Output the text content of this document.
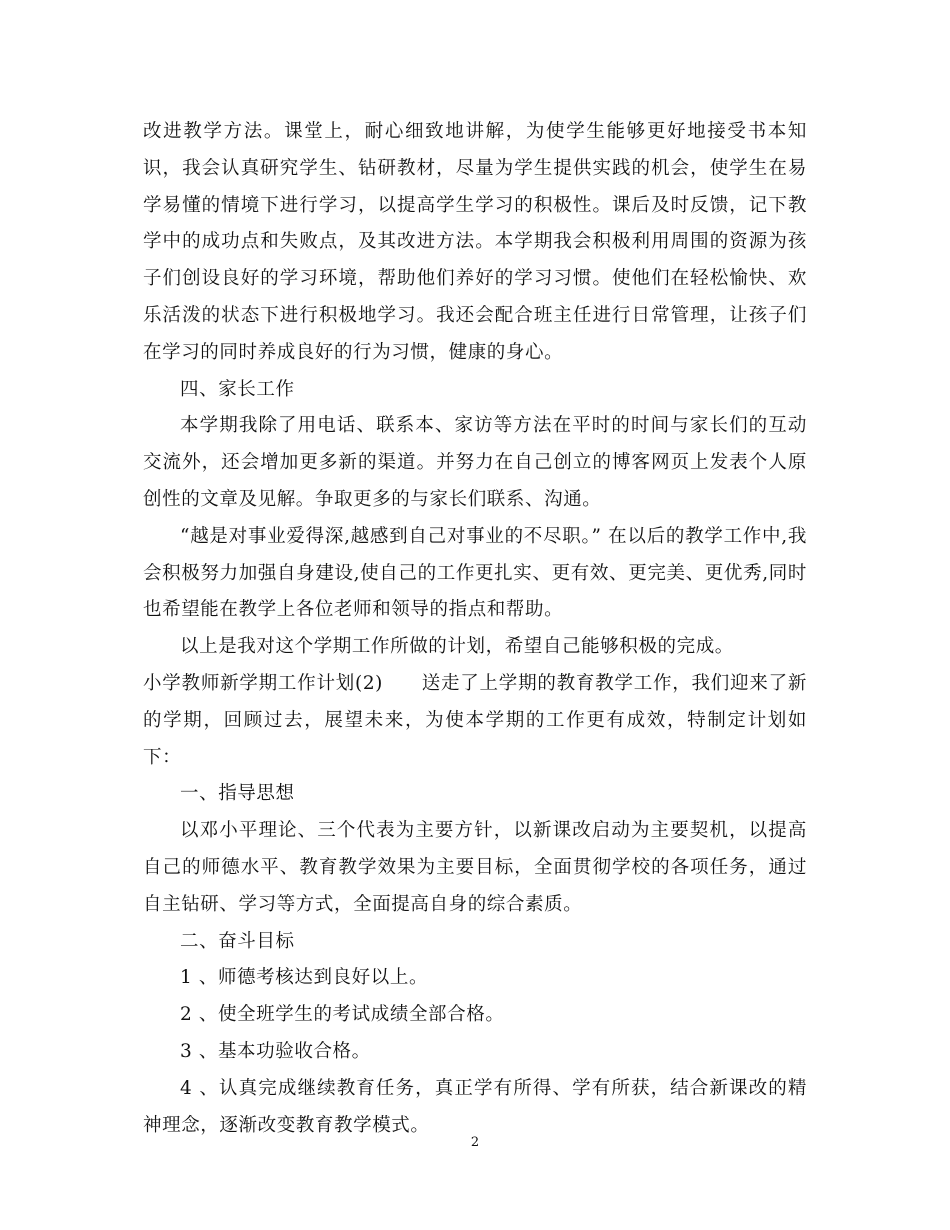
改进教学方法。课堂上，耐心细致地讲解，为使学生能够更好地接受书本知识，我会认真研究学生、钻研教材，尽量为学生提供实践的机会，使学生在易学易懂的情境下进行学习，以提高学生学习的积极性。课后及时反馈，记下教学中的成功点和失败点，及其改进方法。本学期我会积极利用周围的资源为孩子们创设良好的学习环境，帮助他们养好的学习习惯。使他们在轻松愉快、欢乐活泼的状态下进行积极地学习。我还会配合班主任进行日常管理，让孩子们在学习的同时养成良好的行为习惯，健康的身心。

四、家长工作

本学期我除了用电话、联系本、家访等方法在平时的时间与家长们的互动交流外，还会增加更多新的渠道。并努力在自己创立的博客网页上发表个人原创性的文章及见解。争取更多的与家长们联系、沟通。

“越是对事业爱得深,越感到自己对事业的不尽职。” 在以后的教学工作中,我会积极努力加强自身建设,使自己的工作更扎实、更有效、更完美、更优秀,同时也希望能在教学上各位老师和领导的指点和帮助。

以上是我对这个学期工作所做的计划，希望自己能够积极的完成。

小学教师新学期工作计划(2)　　送走了上学期的教育教学工作，我们迎来了新的学期，回顾过去，展望未来，为使本学期的工作更有成效，特制定计划如下：

一、指导思想

以邓小平理论、三个代表为主要方针，以新课改启动为主要契机，以提高自己的师德水平、教育教学效果为主要目标，全面贯彻学校的各项任务，通过自主钻研、学习等方式，全面提高自身的综合素质。

二、奋斗目标

1 、师德考核达到良好以上。

2 、使全班学生的考试成绩全部合格。

3 、基本功验收合格。

4 、认真完成继续教育任务，真正学有所得、学有所获，结合新课改的精神理念，逐渐改变教育教学模式。

2
